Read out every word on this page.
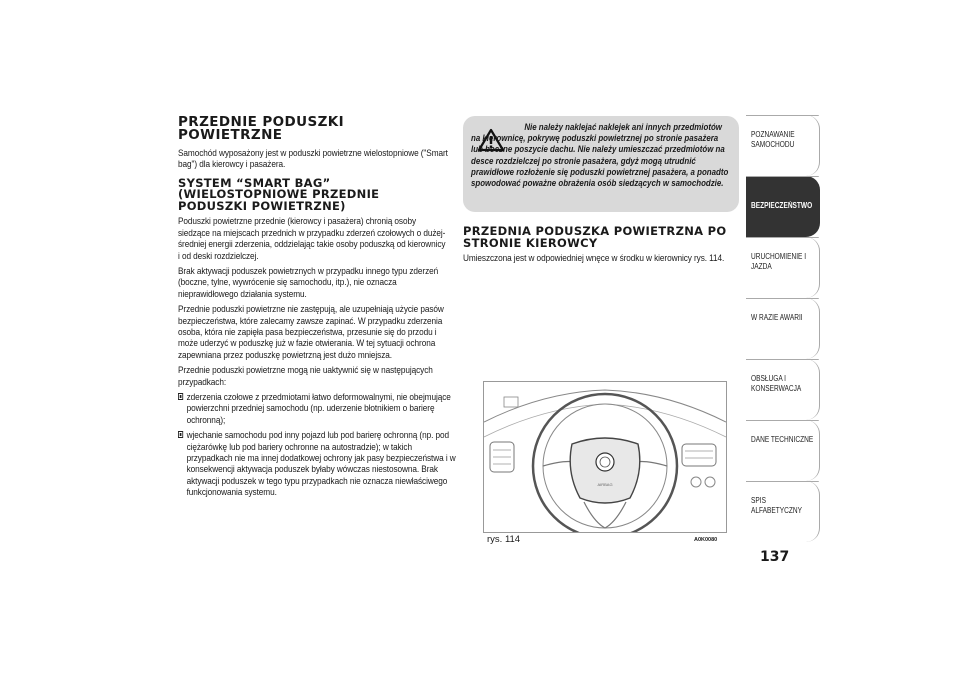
PRZEDNIE PODUSZKI POWIETRZNE

Samochód wyposażony jest w poduszki powietrzne wielostopniowe ("Smart bag") dla kierowcy i pasażera.

SYSTEM “SMART BAG” (WIELOSTOPNIOWE PRZEDNIE PODUSZKI POWIETRZNE)

Poduszki powietrzne przednie (kierowcy i pasażera) chronią osoby siedzące na miejscach przednich w przypadku zderzeń czołowych o dużej-średniej energii zderzenia, oddzielając takie osoby poduszką od kierownicy i od deski rozdzielczej.

Brak aktywacji poduszek powietrznych w przypadku innego typu zderzeń (boczne, tylne, wywrócenie się samochodu, itp.), nie oznacza nieprawidłowego działania systemu.

Przednie poduszki powietrzne nie zastępują, ale uzupełniają użycie pasów bezpieczeństwa, które zalecamy zawsze zapinać. W przypadku zderzenia osoba, która nie zapięła pasa bezpieczeństwa, przesunie się do przodu i może uderzyć w poduszkę już w fazie otwierania. W tej sytuacji ochrona zapewniana przez poduszkę powietrzną jest dużo mniejsza.

Przednie poduszki powietrzne mogą nie uaktywnić się w następujących przypadkach:

zderzenia czołowe z przedmiotami łatwo deformowalnymi, nie obejmujące powierzchni przedniej samochodu (np. uderzenie błotnikiem o barierę ochronną);
wjechanie samochodu pod inny pojazd lub pod barierę ochronną (np. pod ciężarówkę lub pod bariery ochronne na autostradzie); w takich przypadkach nie ma innej dodatkowej ochrony jak pasy bezpieczeństwa i w konsekwencji aktywacja poduszek byłaby wówczas niestosowna. Brak aktywacji poduszek w tego typu przypadkach nie oznacza niewłaściwego funkcjonowania systemu.

Nie należy naklejać naklejek ani innych przedmiotów na kierownicę, pokrywę poduszki powietrznej po stronie pasażera lub boczne poszycie dachu. Nie należy umieszczać przedmiotów na desce rozdzielczej po stronie pasażera, gdyż mogą utrudnić prawidłowe rozłożenie się poduszki powietrznej pasażera, a ponadto spowodować poważne obrażenia osób siedzących w samochodzie.

PRZEDNIA PODUSZKA POWIETRZNA PO STRONIE KIEROWCY

Umieszczona jest w odpowiedniej wnęce w środku w kierownicy rys. 114.

AIRBAG
rys. 114	A0K0080
137
POZNAWANIE SAMOCHODU
BEZPIECZEŃSTWO
URUCHOMIENIE I JAZDA
W RAZIE AWARII
OBSŁUGA I KONSERWACJA
DANE TECHNICZNE
SPIS ALFABETYCZNY
